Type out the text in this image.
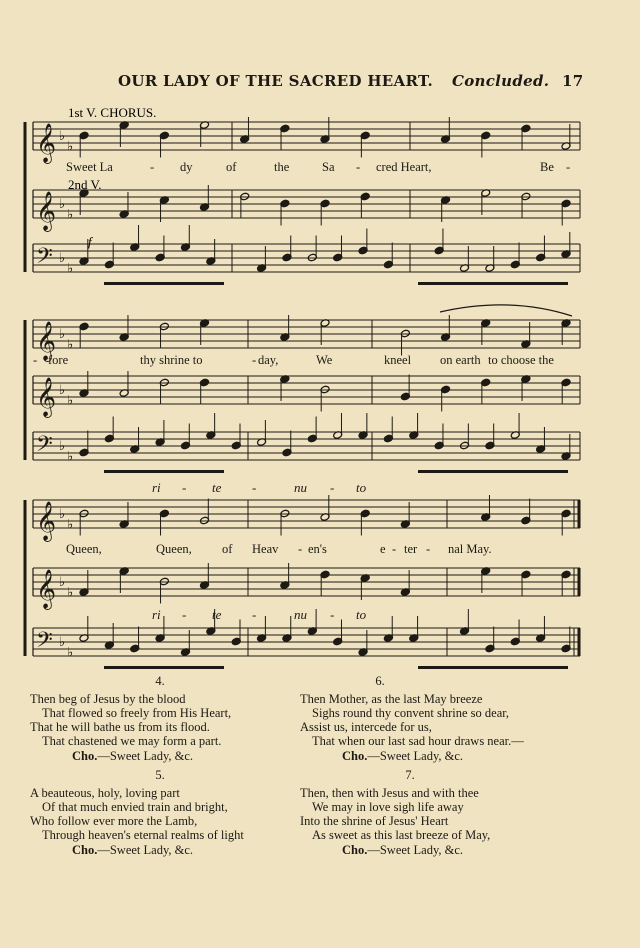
OUR LADY OF THE SACRED HEART. Concluded. 17
𝄞 ♭
♭
𝄞 ♭
♭
𝄢 ♭
♭
𝄞 ♭
♭
𝄞 ♭
♭
𝄢 ♭
♭
𝄞 ♭
♭
𝄞 ♭
♭
𝄢 ♭
♭
1st V. CHORUS.
2nd V.
f
Sweet La	- dy	of	the	Sa - cred Heart,	Be -
- fore	thy shrine to	- day,	We	kneel on earth to choose the
Queen,	Queen, of Heav - en's	e - ter - nal May.
ri - te -	nu - to
ri - te -	nu - to
4.
Then beg of Jesus by the blood
That flowed so freely from His Heart,
That he will bathe us from its flood.
That chastened we may form a part.
Cho.—Sweet Lady, &c.
5.
A beauteous, holy, loving part
Of that much envied train and bright,
Who follow ever more the Lamb,
Through heaven's eternal realms of light
Cho.—Sweet Lady, &c.
6.
Then Mother, as the last May breeze
Sighs round thy convent shrine so dear,
Assist us, intercede for us,
That when our last sad hour draws near.—
Cho.—Sweet Lady, &c.
7.
Then, then with Jesus and with thee
We may in love sigh life away
Into the shrine of Jesus' Heart
As sweet as this last breeze of May,
Cho.—Sweet Lady, &c.
